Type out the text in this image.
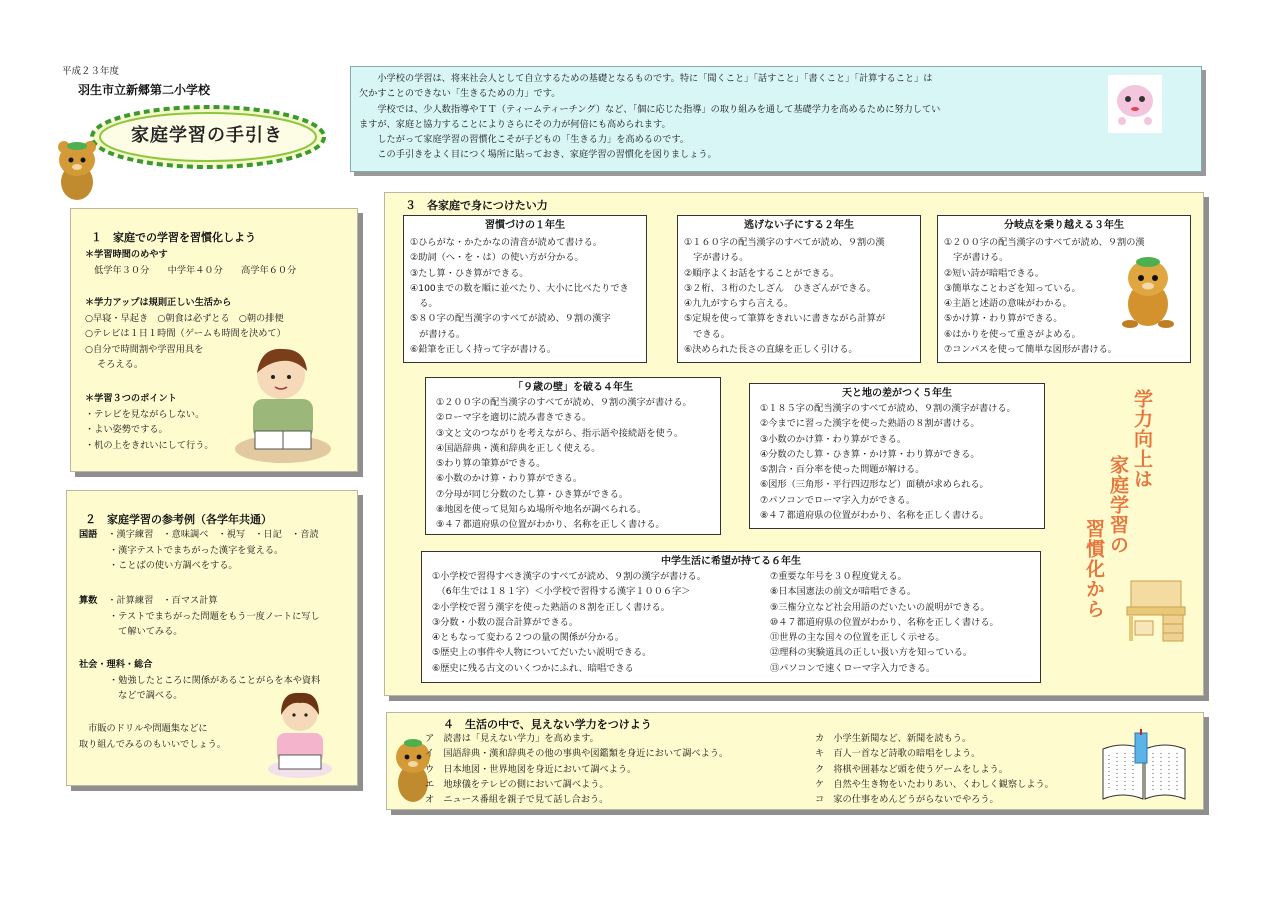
平成２３年度
羽生市立新郷第二小学校
家庭学習の手引き
　　小学校の学習は、将来社会人として自立するための基礎となるものです。特に「聞くこと」「話すこと」「書くこと」「計算すること」は
欠かすことのできない「生きるための力」です。
　　学校では、少人数指導やＴＴ（ティームティーチング）など、「個に応じた指導」の取り組みを通して基礎学力を高めるために努力してい
ますが、家庭と協力することによりさらにその力が何倍にも高められます。
　　したがって家庭学習の習慣化こそが子どもの「生きる力」を高めるのです。
　　この手引きをよく目につく場所に貼っておき、家庭学習の習慣化を図りましょう。
１　家庭での学習を習慣化しよう
＊学習時間のめやす
　低学年３０分　　中学年４０分　　高学年６０分
＊学力アップは規則正しい生活から
○早寝・早起き　○朝食は必ずとる　○朝の排便
○テレビは１日１時間（ゲームも時間を決めて）
○自分で時間割や学習用具を
　 そろえる。
＊学習３つのポイント
・テレビを見ながらしない。
・よい姿勢でする。
・机の上をきれいにして行う。
２　家庭学習の参考例（各学年共通）
国語 ・漢字練習　・意味調べ　・視写　・日記　・音読
・漢字テストでまちがった漢字を覚える。
・ことばの使い方調べをする。
算数 ・計算練習　・百マス計算
・テストでまちがった問題をもう一度ノートに写し
　て解いてみる。
社会・理科・総合
・勉強したところに関係があることがらを本や資料
　などで調べる。
　市販のドリルや問題集などに
取り組んでみるのもいいでしょう。
３　各家庭で身につけたい力
習慣づけの１年生
①ひらがな・かたかなの清音が読めて書ける。
②助詞（へ・を・は）の使い方が分かる。
③たし算・ひき算ができる。
④100までの数を順に並べたり、大小に比べたりでき
　る。
⑤８０字の配当漢字のすべてが読め、９割の漢字
　が書ける。
⑥鉛筆を正しく持って字が書ける。
逃げない子にする２年生
①１６０字の配当漢字のすべてが読め、９割の漢
　字が書ける。
②順序よくお話をすることができる。
③２桁、３桁のたしざん　ひきざんができる。
④九九がすらすら言える。
⑤定規を使って筆算をきれいに書きながら計算が
　できる。
⑥決められた長さの直線を正しく引ける。
分岐点を乗り越える３年生
①２００字の配当漢字のすべてが読め、９割の漢
　字が書ける。
②短い詩が暗唱できる。
③簡単なことわざを知っている。
④主語と述語の意味がわかる。
⑤かけ算・わり算ができる。
⑥はかりを使って重さがよめる。
⑦コンパスを使って簡単な図形が書ける。
「９歳の壁」を破る４年生
①２００字の配当漢字のすべてが読め、９割の漢字が書ける。
②ローマ字を適切に読み書きできる。
③文と文のつながりを考えながら、指示語や接続語を使う。
④国語辞典・漢和辞典を正しく使える。
⑤わり算の筆算ができる。
⑥小数のかけ算・わり算ができる。
⑦分母が同じ分数のたし算・ひき算ができる。
⑧地図を使って見知らぬ場所や地名が調べられる。
⑨４７都道府県の位置がわかり、名称を正しく書ける。
天と地の差がつく５年生
①１８５字の配当漢字のすべてが読め、９割の漢字が書ける。
②今までに習った漢字を使った熟語の８割が書ける。
③小数のかけ算・わり算ができる。
④分数のたし算・ひき算・かけ算・わり算ができる。
⑤割合・百分率を使った問題が解ける。
⑥図形（三角形・平行四辺形など）面積が求められる。
⑦パソコンでローマ字入力ができる。
⑧４７都道府県の位置がわかり、名称を正しく書ける。
中学生活に希望が持てる６年生
①小学校で習得すべき漢字のすべてが読め、９割の漢字が書ける。
　（6年生では１８１字）＜小学校で習得する漢字１００６字＞
②小学校で習う漢字を使った熟語の８割を正しく書ける。
③分数・小数の混合計算ができる。
④ともなって変わる２つの量の関係が分かる。
⑤歴史上の事件や人物についてだいたい説明できる。
⑥歴史に残る古文のいくつかにふれ、暗唱できる
⑦重要な年号を３０程度覚える。
⑧日本国憲法の前文が暗唱できる。
⑨三権分立など社会用語のだいたいの説明ができる。
⑩４７都道府県の位置がわかり、名称を正しく書ける。
⑪世界の主な国々の位置を正しく示せる。
⑫理科の実験道具の正しい扱い方を知っている。
⑬パソコンで速くローマ字入力できる。
学力向上は
家庭学習の
習慣化から
４　生活の中で、見えない学力をつけよう
ア　読書は「見えない学力」を高めます。
イ　国語辞典・漢和辞典その他の事典や図鑑類を身近において調べよう。
ウ　日本地図・世界地図を身近において調べよう。
エ　地球儀をテレビの側において調べよう。
オ　ニュース番組を親子で見て話し合おう。
カ　小学生新聞など、新聞を読もう。
キ　百人一首など詩歌の暗唱をしよう。
ク　将棋や囲碁など頭を使うゲームをしよう。
ケ　自然や生き物をいたわりあい、くわしく観察しよう。
コ　家の仕事をめんどうがらないでやろう。
